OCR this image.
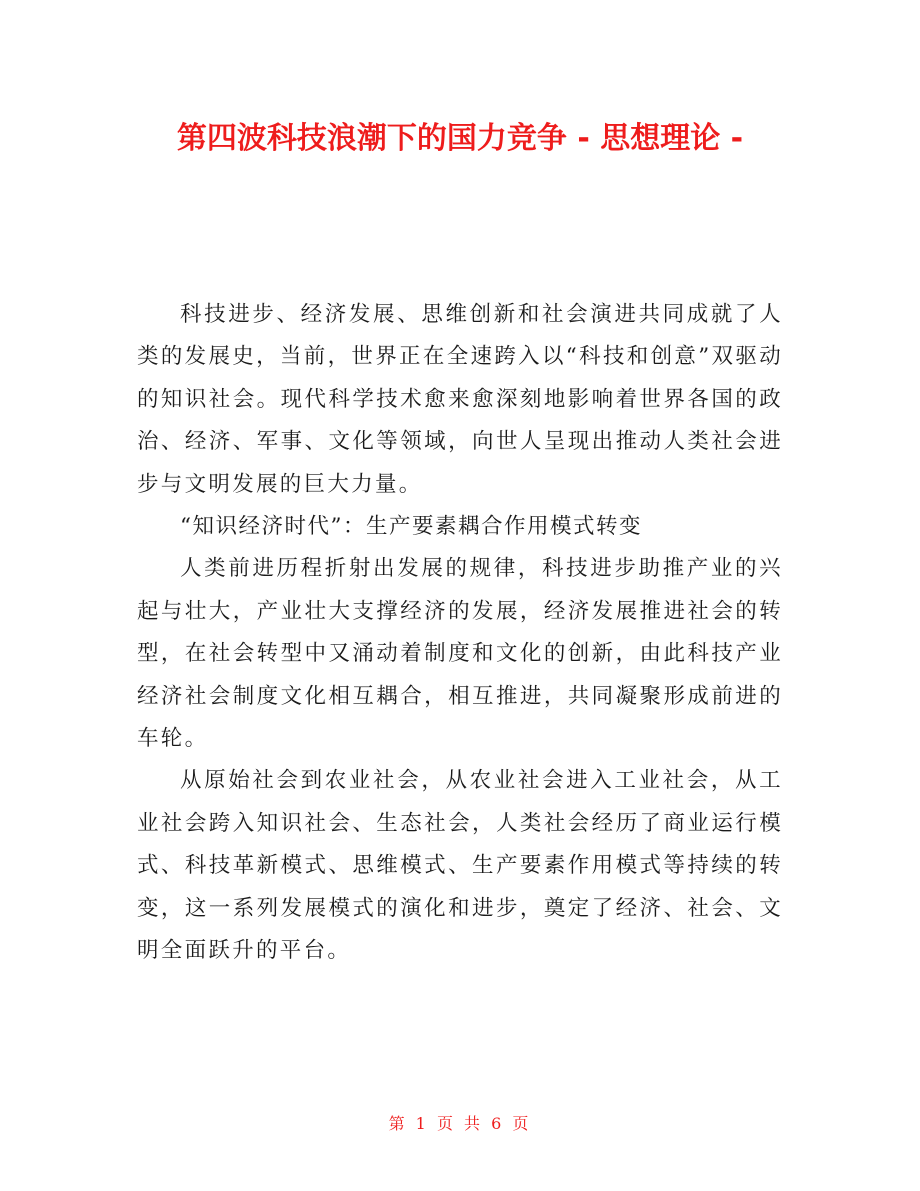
第四波科技浪潮下的国力竞争 - 思想理论 -

科技进步、经济发展、思维创新和社会演进共同成就了人类的发展史，当前，世界正在全速跨入以“科技和创意”双驱动的知识社会。现代科学技术愈来愈深刻地影响着世界各国的政治、经济、军事、文化等领域，向世人呈现出推动人类社会进步与文明发展的巨大力量。

“知识经济时代”：生产要素耦合作用模式转变

人类前进历程折射出发展的规律，科技进步助推产业的兴起与壮大，产业壮大支撑经济的发展，经济发展推进社会的转型，在社会转型中又涌动着制度和文化的创新，由此科技产业经济社会制度文化相互耦合，相互推进，共同凝聚形成前进的车轮。

从原始社会到农业社会，从农业社会进入工业社会，从工业社会跨入知识社会、生态社会，人类社会经历了商业运行模式、科技革新模式、思维模式、生产要素作用模式等持续的转变，这一系列发展模式的演化和进步，奠定了经济、社会、文明全面跃升的平台。

第 1 页 共 6 页
